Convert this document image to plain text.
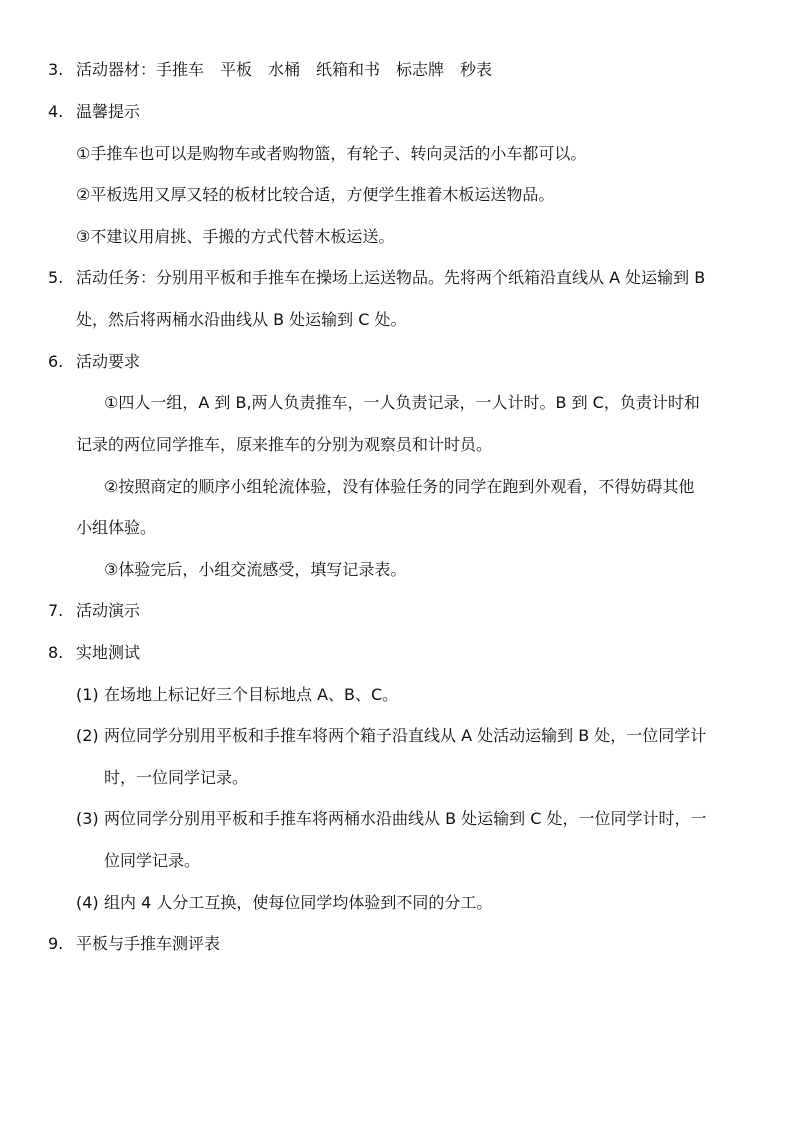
3. 活动器材：手推车　平板　水桶　纸箱和书　标志牌　秒表
4. 温馨提示
①手推车也可以是购物车或者购物篮，有轮子、转向灵活的小车都可以。
②平板选用又厚又轻的板材比较合适，方便学生推着木板运送物品。
③不建议用肩挑、手搬的方式代替木板运送。
5. 活动任务：分别用平板和手推车在操场上运送物品。先将两个纸箱沿直线从 A 处运输到 B
处，然后将两桶水沿曲线从 B 处运输到 C 处。
6. 活动要求
①四人一组，A 到 B,两人负责推车，一人负责记录，一人计时。B 到 C，负责计时和
记录的两位同学推车，原来推车的分别为观察员和计时员。
②按照商定的顺序小组轮流体验，没有体验任务的同学在跑到外观看，不得妨碍其他
小组体验。
③体验完后，小组交流感受，填写记录表。
7. 活动演示
8. 实地测试
(1) 在场地上标记好三个目标地点 A、B、C。
(2) 两位同学分别用平板和手推车将两个箱子沿直线从 A 处活动运输到 B 处，一位同学计
时，一位同学记录。
(3) 两位同学分别用平板和手推车将两桶水沿曲线从 B 处运输到 C 处，一位同学计时，一
位同学记录。
(4) 组内 4 人分工互换，使每位同学均体验到不同的分工。
9. 平板与手推车测评表
